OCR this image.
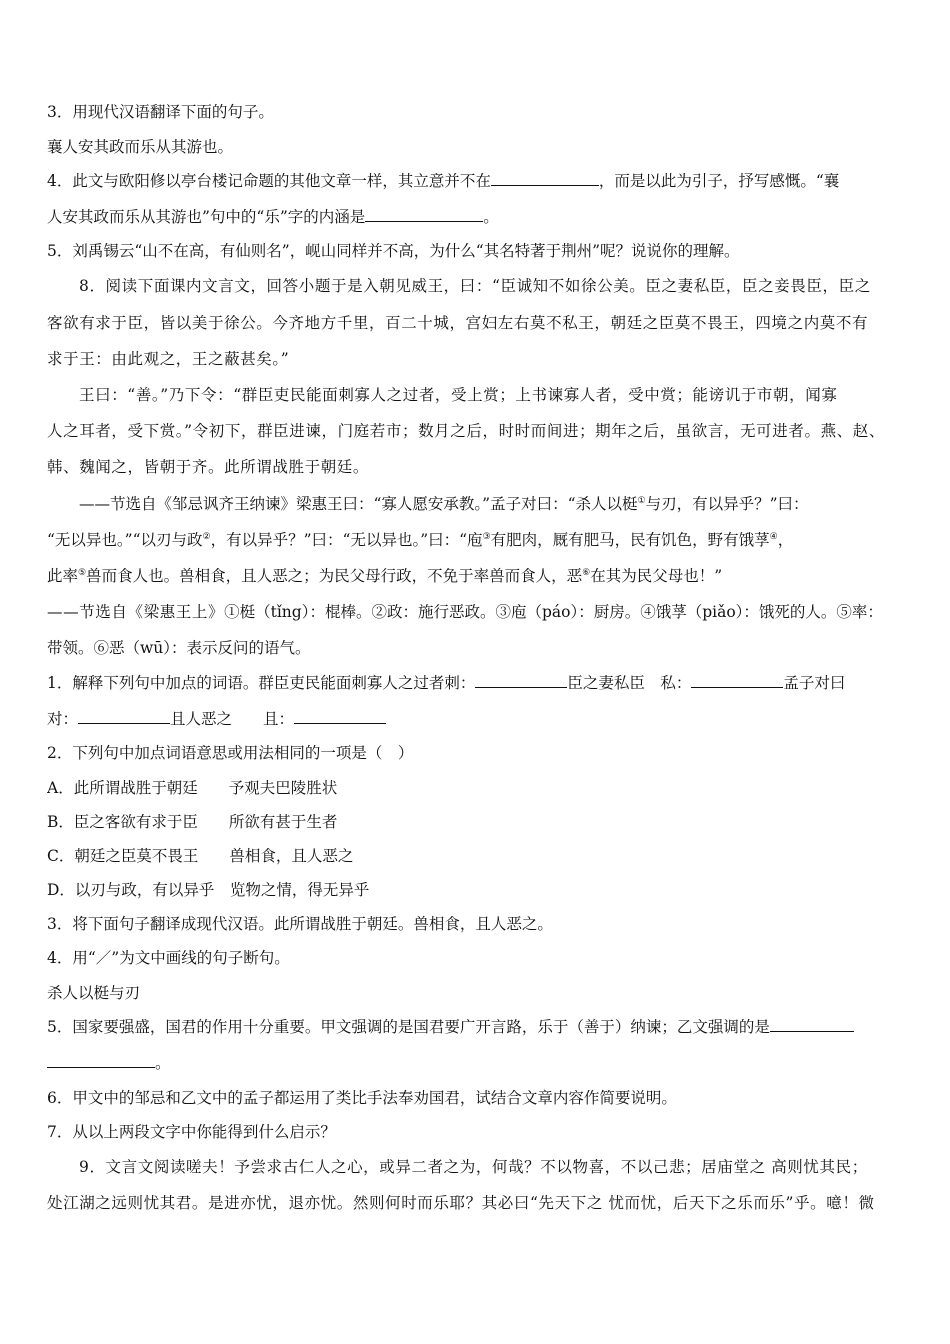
3．用现代汉语翻译下面的句子。
襄人安其政而乐从其游也。
4．此文与欧阳修以亭台楼记命题的其他文章一样，其立意并不在	，而是以此为引子，抒写感慨。“襄
人安其政而乐从其游也”句中的“乐”字的内涵是	。
5．刘禹锡云“山不在高，有仙则名”，岘山同样并不高，为什么“其名特著于荆州”呢？说说你的理解。
8．阅读下面课内文言文，回答小题于是入朝见威王，曰：“臣诚知不如徐公美。臣之妻私臣，臣之妾畏臣，臣之
客欲有求于臣，皆以美于徐公。今齐地方千里，百二十城，宫妇左右莫不私王，朝廷之臣莫不畏王，四境之内莫不有
求于王：由此观之，王之蔽甚矣。”
王曰：“善。”乃下令：“群臣吏民能面刺寡人之过者，受上赏；上书谏寡人者，受中赏；能谤讥于市朝，闻寡
人之耳者，受下赏。”令初下，群臣进谏，门庭若市；数月之后，时时而间进；期年之后，虽欲言，无可进者。燕、赵、
韩、魏闻之，皆朝于齐。此所谓战胜于朝廷。
——节选自《邹忌讽齐王纳谏》梁惠王曰：“寡人愿安承教。”孟子对曰：“杀人以梃①与刃，有以异乎？”曰：
“无以异也。”“以刃与政②，有以异乎？”曰：“无以异也。”曰：“庖③有肥肉，厩有肥马，民有饥色，野有饿莩④，
此率⑤兽而食人也。兽相食，且人恶之；为民父母行政，不免于率兽而食人，恶⑥在其为民父母也！”
——节选自《梁惠王上》①梃（tǐng）：棍棒。②政：施行恶政。③庖（páo）：厨房。④饿莩（piǎo）：饿死的人。⑤率：
带领。⑥恶（wū）：表示反问的语气。
1．解释下列句中加点的词语。群臣吏民能面刺寡人之过者刺：	臣之妻私臣　私：	孟子对曰
对：	且人恶之　　且：
2．下列句中加点词语意思或用法相同的一项是（　）
A．此所谓战胜于朝廷　　予观夫巴陵胜状
B．臣之客欲有求于臣　　所欲有甚于生者
C．朝廷之臣莫不畏王　　兽相食，且人恶之
D．以刃与政，有以异乎　览物之情，得无异乎
3．将下面句子翻译成现代汉语。此所谓战胜于朝廷。兽相食，且人恶之。
4．用“／”为文中画线的句子断句。
杀人以梃与刃
5．国家要强盛，国君的作用十分重要。甲文强调的是国君要广开言路，乐于（善于）纳谏；乙文强调的是
。
6．甲文中的邹忌和乙文中的孟子都运用了类比手法奉劝国君，试结合文章内容作简要说明。
7．从以上两段文字中你能得到什么启示？
9．文言文阅读嗟夫！予尝求古仁人之心，或异二者之为，何哉？不以物喜，不以己悲；居庙堂之 高则忧其民；
处江湖之远则忧其君。是进亦忧，退亦忧。然则何时而乐耶？其必曰“先天下之 忧而忧，后天下之乐而乐”乎。噫！微
